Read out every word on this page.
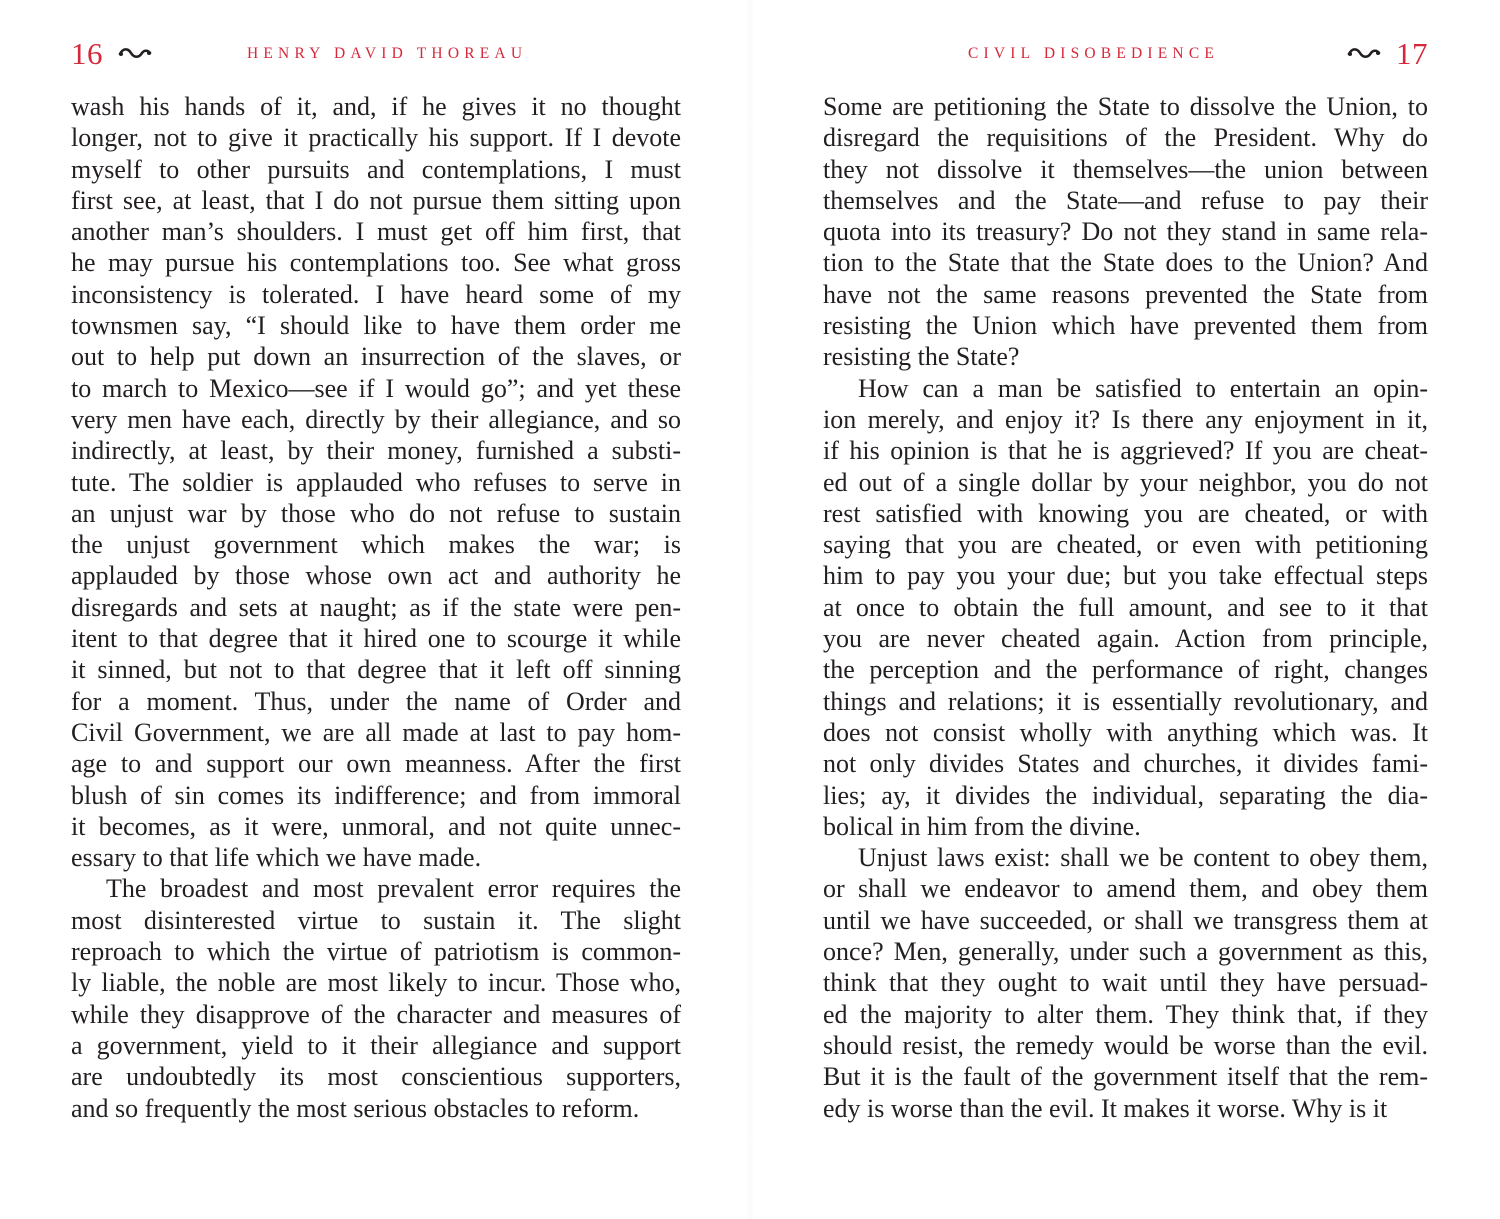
16	HENRY DAVID THOREAU

wash his hands of it, and, if he gives it no thought
longer, not to give it practically his support. If I devote
myself to other pursuits and contemplations, I must
first see, at least, that I do not pursue them sitting upon
another man’s shoulders. I must get off him first, that
he may pursue his contemplations too. See what gross
inconsistency is tolerated. I have heard some of my
townsmen say, “I should like to have them order me
out to help put down an insurrection of the slaves, or
to march to Mexico—see if I would go”; and yet these
very men have each, directly by their allegiance, and so
indirectly, at least, by their money, furnished a substi-
tute. The soldier is applauded who refuses to serve in
an unjust war by those who do not refuse to sustain
the unjust government which makes the war; is
applauded by those whose own act and authority he
disregards and sets at naught; as if the state were pen-
itent to that degree that it hired one to scourge it while
it sinned, but not to that degree that it left off sinning
for a moment. Thus, under the name of Order and
Civil Government, we are all made at last to pay hom-
age to and support our own meanness. After the first
blush of sin comes its indifference; and from immoral
it becomes, as it were, unmoral, and not quite unnec-
essary to that life which we have made.

The broadest and most prevalent error requires the
most disinterested virtue to sustain it. The slight
reproach to which the virtue of patriotism is common-
ly liable, the noble are most likely to incur. Those who,
while they disapprove of the character and measures of
a government, yield to it their allegiance and support
are undoubtedly its most conscientious supporters,
and so frequently the most serious obstacles to reform.

CIVIL DISOBEDIENCE	17

Some are petitioning the State to dissolve the Union, to
disregard the requisitions of the President. Why do
they not dissolve it themselves—the union between
themselves and the State—and refuse to pay their
quota into its treasury? Do not they stand in same rela-
tion to the State that the State does to the Union? And
have not the same reasons prevented the State from
resisting the Union which have prevented them from
resisting the State?

How can a man be satisfied to entertain an opin-
ion merely, and enjoy it? Is there any enjoyment in it,
if his opinion is that he is aggrieved? If you are cheat-
ed out of a single dollar by your neighbor, you do not
rest satisfied with knowing you are cheated, or with
saying that you are cheated, or even with petitioning
him to pay you your due; but you take effectual steps
at once to obtain the full amount, and see to it that
you are never cheated again. Action from principle,
the perception and the performance of right, changes
things and relations; it is essentially revolutionary, and
does not consist wholly with anything which was. It
not only divides States and churches, it divides fami-
lies; ay, it divides the individual, separating the dia-
bolical in him from the divine.

Unjust laws exist: shall we be content to obey them,
or shall we endeavor to amend them, and obey them
until we have succeeded, or shall we transgress them at
once? Men, generally, under such a government as this,
think that they ought to wait until they have persuad-
ed the majority to alter them. They think that, if they
should resist, the remedy would be worse than the evil.
But it is the fault of the government itself that the rem-
edy is worse than the evil. It makes it worse. Why is it
